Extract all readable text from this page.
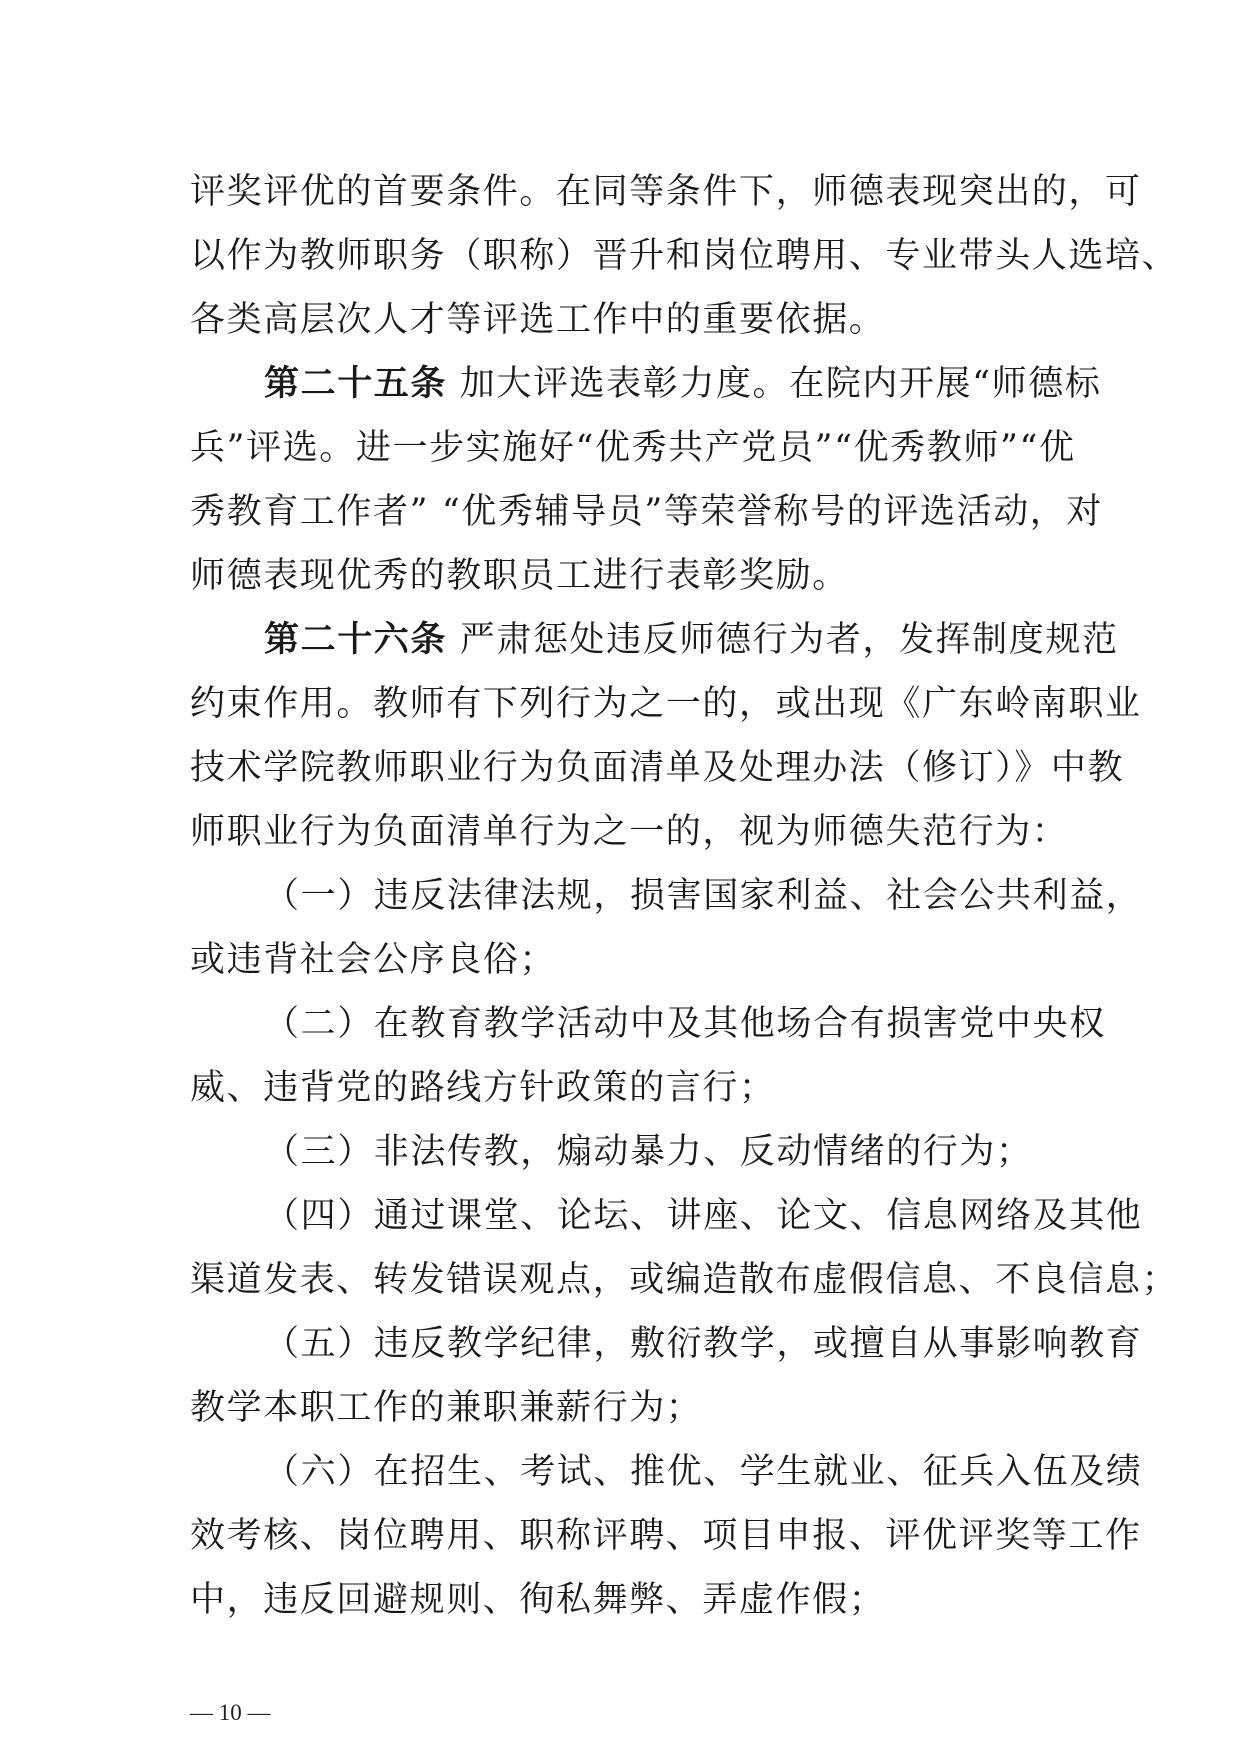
评奖评优的首要条件。在同等条件下，师德表现突出的，可
以作为教师职务（职称）晋升和岗位聘用、专业带头人选培、
各类高层次人才等评选工作中的重要依据。
第二十五条 加大评选表彰力度。在院内开展“师德标
兵”评选。进一步实施好“优秀共产党员”“优秀教师”“优
秀教育工作者” “优秀辅导员”等荣誉称号的评选活动，对
师德表现优秀的教职员工进行表彰奖励。
第二十六条 严肃惩处违反师德行为者，发挥制度规范
约束作用。教师有下列行为之一的，或出现《广东岭南职业
技术学院教师职业行为负面清单及处理办法（修订）》中教
师职业行为负面清单行为之一的，视为师德失范行为：
（一）违反法律法规，损害国家利益、社会公共利益，
或违背社会公序良俗；
（二）在教育教学活动中及其他场合有损害党中央权
威、违背党的路线方针政策的言行；
（三）非法传教，煽动暴力、反动情绪的行为；
（四）通过课堂、论坛、讲座、论文、信息网络及其他
渠道发表、转发错误观点，或编造散布虚假信息、不良信息；
（五）违反教学纪律，敷衍教学，或擅自从事影响教育
教学本职工作的兼职兼薪行为；
（六）在招生、考试、推优、学生就业、征兵入伍及绩
效考核、岗位聘用、职称评聘、项目申报、评优评奖等工作
中，违反回避规则、徇私舞弊、弄虚作假；
— 10 —
